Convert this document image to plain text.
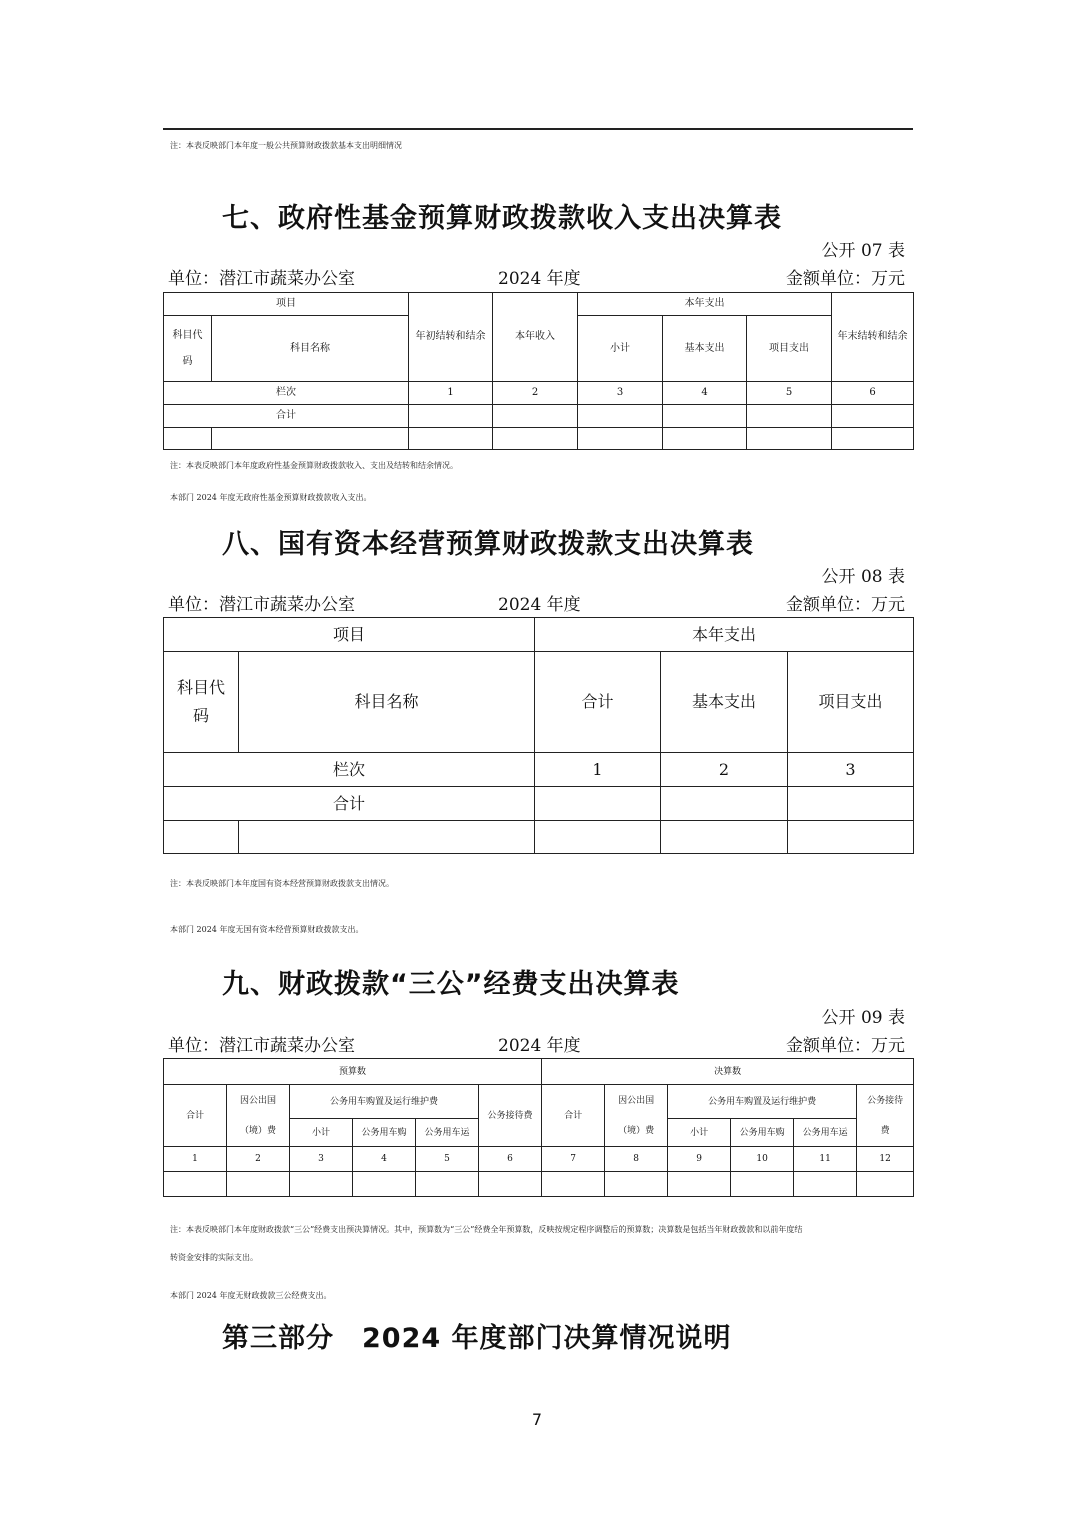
注：本表反映部门本年度一般公共预算财政拨款基本支出明细情况
七、政府性基金预算财政拨款收入支出决算表
公开 07 表
单位：潜江市蔬菜办公室	2024 年度	金额单位：万元
项目		年初结转和结余	本年收入	本年支出			年末结转和结余
科目代码	科目名称			小计	基本支出	项目支出	
栏次		1	2	3	4	5	6
合计							

注：本表反映部门本年度政府性基金预算财政拨款收入、支出及结转和结余情况。
本部门 2024 年度无政府性基金预算财政拨款收入支出。
八、国有资本经营预算财政拨款支出决算表
公开 08 表
单位：潜江市蔬菜办公室	2024 年度	金额单位：万元
项目		本年支出		
科目代码	科目名称	合计	基本支出	项目支出
栏次		1	2	3
合计				

注：本表反映部门本年度国有资本经营预算财政拨款支出情况。
本部门 2024 年度无国有资本经营预算财政拨款支出。
九、财政拨款“三公”经费支出决算表
公开 09 表
单位：潜江市蔬菜办公室	2024 年度	金额单位：万元
预算数						决算数					
合计	因公出国（境）费	公务用车购置及运行维护费			公务接待费	合计	因公出国（境）费	公务用车购置及运行维护费			公务接待费
		小计	公务用车购	公务用车运				小计	公务用车购	公务用车运	
1	2	3	4	5	6	7	8	9	10	11	12

注：本表反映部门本年度财政拨款“三公”经费支出预决算情况。其中，预算数为“三公”经费全年预算数，反映按规定程序调整后的预算数；决算数是包括当年财政拨款和以前年度结
转资金安排的实际支出。
本部门 2024 年度无财政拨款三公经费支出。
第三部分　2024 年度部门决算情况说明
7
